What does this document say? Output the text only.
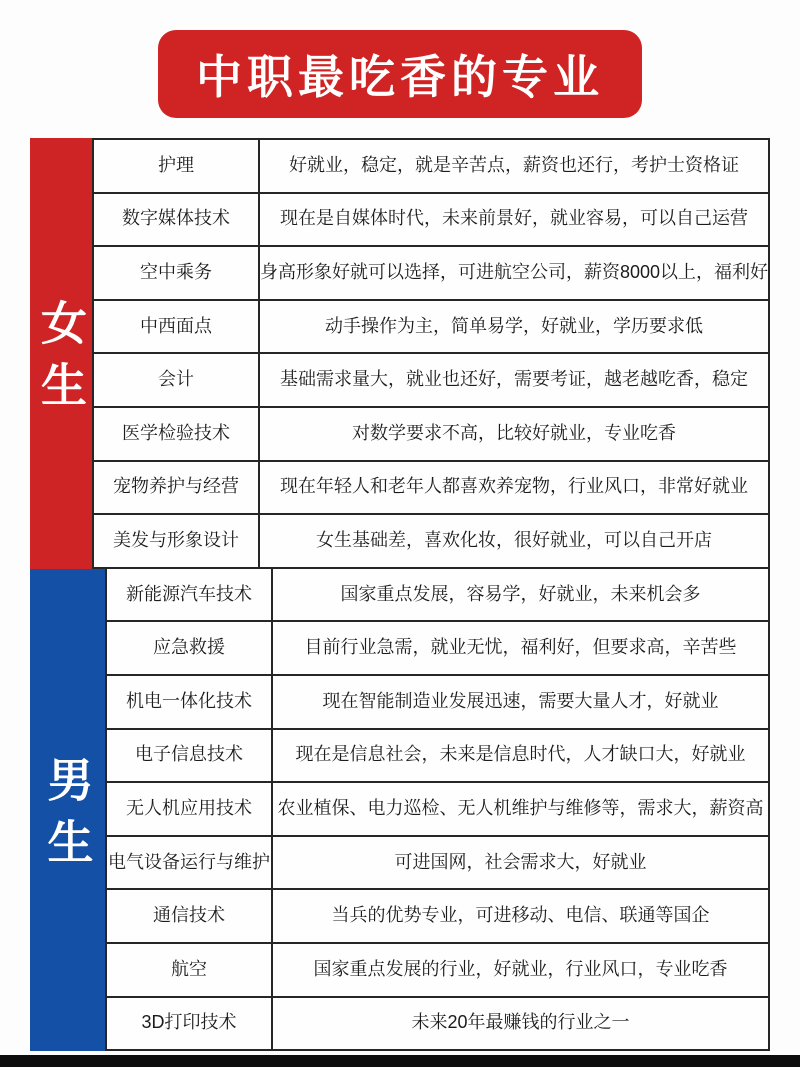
中职最吃香的专业
女生
护理	好就业，稳定，就是辛苦点，薪资也还行，考护士资格证
数字媒体技术	现在是自媒体时代，未来前景好，就业容易，可以自己运营
空中乘务	身高形象好就可以选择，可进航空公司，薪资8000以上，福利好
中西面点	动手操作为主，简单易学，好就业，学历要求低
会计	基础需求量大，就业也还好，需要考证，越老越吃香，稳定
医学检验技术	对数学要求不高，比较好就业，专业吃香
宠物养护与经营	现在年轻人和老年人都喜欢养宠物，行业风口，非常好就业
美发与形象设计	女生基础差，喜欢化妆，很好就业，可以自己开店
男生
新能源汽车技术	国家重点发展，容易学，好就业，未来机会多
应急救援	目前行业急需，就业无忧，福利好，但要求高，辛苦些
机电一体化技术	现在智能制造业发展迅速，需要大量人才，好就业
电子信息技术	现在是信息社会，未来是信息时代，人才缺口大，好就业
无人机应用技术	农业植保、电力巡检、无人机维护与维修等，需求大，薪资高
电气设备运行与维护	可进国网，社会需求大，好就业
通信技术	当兵的优势专业，可进移动、电信、联通等国企
航空	国家重点发展的行业，好就业，行业风口，专业吃香
3D打印技术	未来20年最赚钱的行业之一
